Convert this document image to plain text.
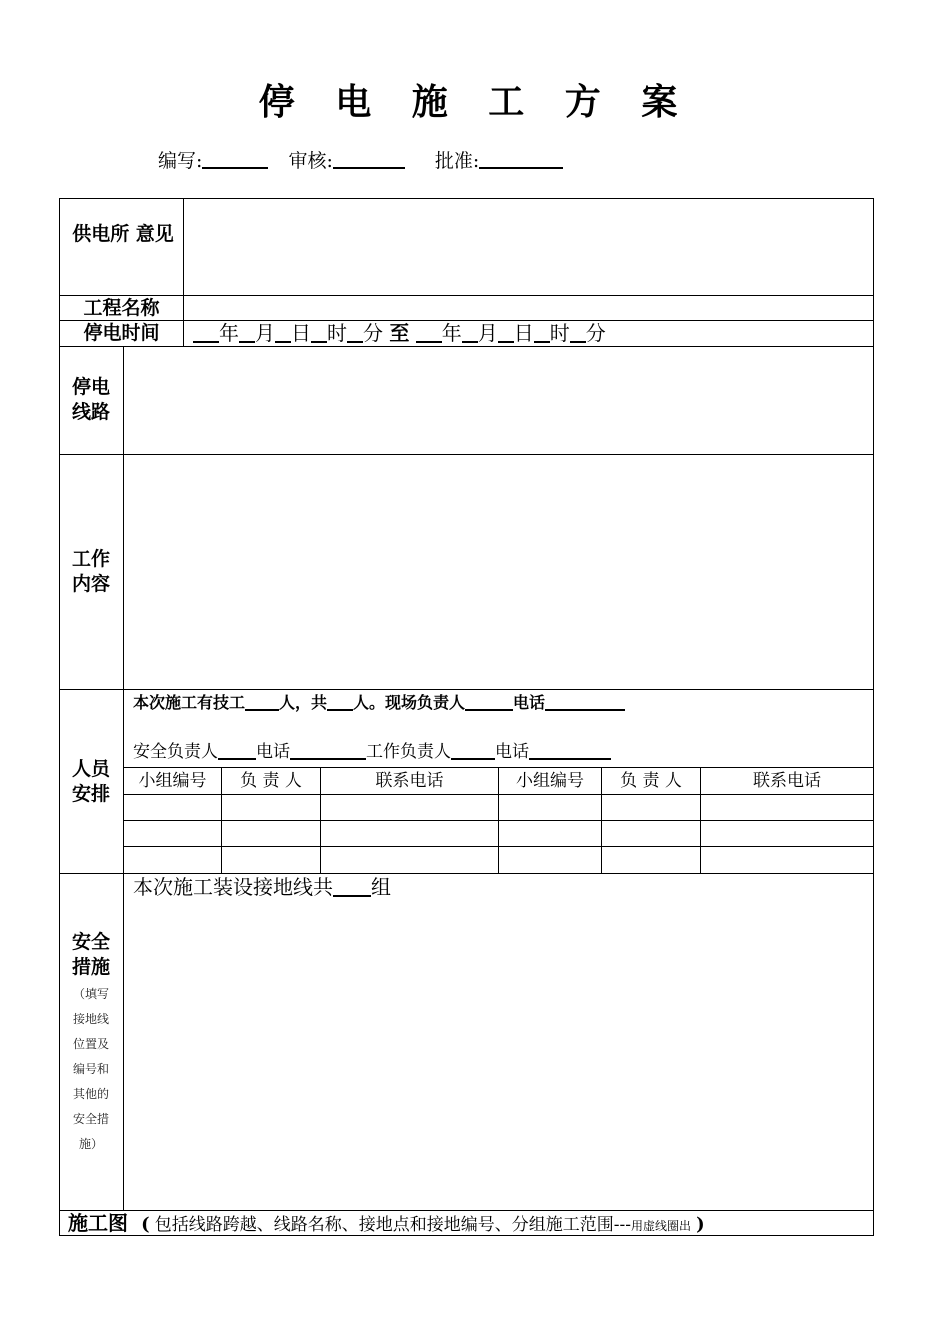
停 电 施 工 方 案
编写:	审核:	批准:
供电所 意见
工程名称
停电时间	年 月 日 时 分 至 年 月 日 时 分
停电线路
工作内容
人员安排
本次施工有技工 人，共 人。现场负责人	电话
安全负责人 电话	工作负责人	电话
小组编号	负 责 人	联系电话	小组编号	负 责 人	联系电话
安全措施
（填写
接地线
位置及
编号和
其他的
安全措
施）
本次施工装设接地线共 组
施工图 ( 包括线路跨越、线路名称、接地点和接地编号、分组施工范围---用虚线圈出 )
